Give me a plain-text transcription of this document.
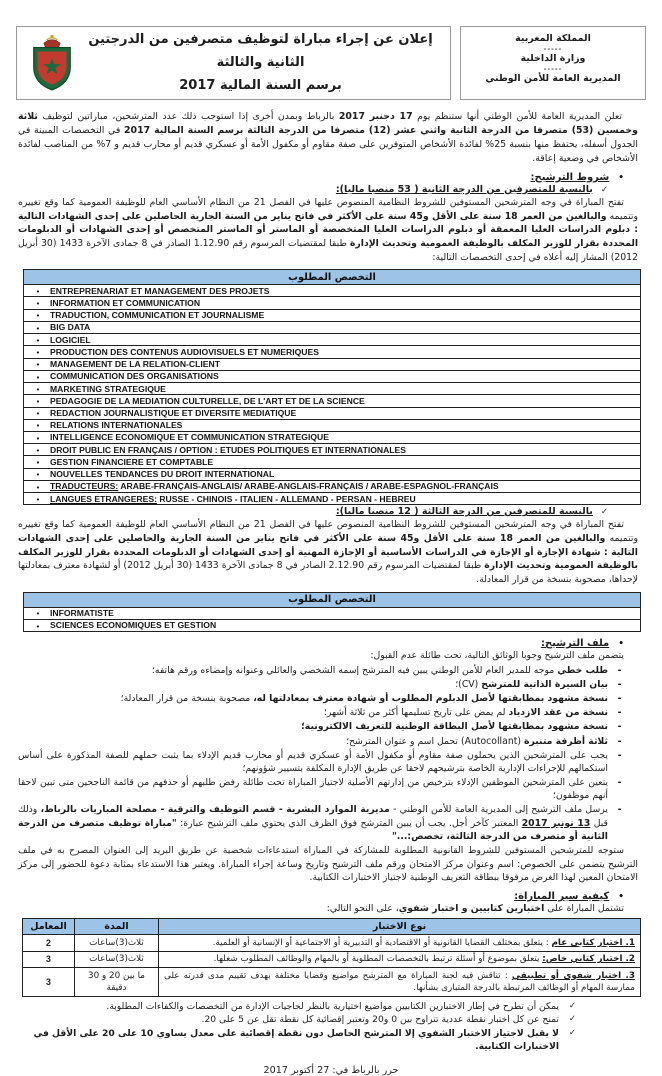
المملكة المغربية
-----
وزارة الداخلية
-----
المديرية العامة للأمن الوطني
إعلان عن إجراء مباراة لتوظيف متصرفين من الدرجتين الثانية والثالثة
برسم السنة المالية 2017

تعلن المديرية العامة للأمن الوطني أنها ستنظم يوم 17 دجنبر 2017 بالرباط وبمدن أخرى إذا استوجب ذلك عدد المترشحين، مباراتين لتوظيف ثلاثة وخمسين (53) متصرفا من الدرجة الثانية واثني عشر (12) متصرفا من الدرجة الثالثة برسم السنة المالية 2017 في التخصصات المبينة في الجدول أسفله، يحتفظ منها بنسبة 25% لفائدة الأشخاص المتوفرين على صفة مقاوم أو مكفول الأمة أو عسكري قديم أو محارب قديم و 7% من المناصب لفائدة الأشخاص في وضعية إعاقة.

•شروط الترشيح:
✓بالنسبة للمتصرفين من الدرجة الثانية ( 53 منصبا ماليا):

تفتح المباراة في وجه المترشحين المستوفين للشروط النظامية المنصوص عليها في الفصل 21 من النظام الأساسي العام للوظيفة العمومية كما وقع تغييره وتتميمه والبالغين من العمر 18 سنة على الأقل و45 سنة على الأكثر في فاتح يناير من السنة الجارية الحاصلين على إحدى الشهادات التالية : دبلوم الدراسات العليا المعمقة أو دبلوم الدراسات العليا المتخصصة أو الماستر أو الماستر المتخصص أو إحدى الشهادات أو الدبلومات المحددة بقرار للوزير المكلف بالوظيفة العمومية وتحديث الإدارة طبقا لمقتضيات المرسوم رقم 1.12.90 الصادر في 8 جمادى الآخرة 1433 (30 أبريل 2012) المشار إليه أعلاه في إحدى التخصصات التالية:

التخصص المطلوب
• ENTREPRENARIAT ET MANAGEMENT DES PROJETS
• INFORMATION ET COMMUNICATION
• TRADUCTION, COMMUNICATION ET JOURNALISME
• BIG DATA
• LOGICIEL
• PRODUCTION DES CONTENUS AUDIOVISUELS ET NUMERIQUES
• MANAGEMENT DE LA RELATION-CLIENT
• COMMUNICATION DES ORGANISATIONS
• MARKETING STRATEGIQUE
• PEDAGOGIE DE LA MEDIATION CULTURELLE, DE L'ART ET DE LA SCIENCE
• REDACTION JOURNALISTIQUE ET DIVERSITE MEDIATIQUE
• RELATIONS INTERNATIONALES
• INTELLIGENCE ECONOMIQUE ET COMMUNICATION STRATEGIQUE
• DROIT PUBLIC EN FRANÇAIS / OPTION : ETUDES POLITIQUES ET INTERNATIONALES
• GESTION FINANCIERE ET COMPTABLE
• NOUVELLES TENDANCES DU DROIT INTERNATIONAL
• TRADUCTEURS: ARABE-FRANÇAIS-ANGLAIS/ ARABE-ANGLAIS-FRANÇAIS / ARABE-ESPAGNOL-FRANÇAIS
• LANGUES ETRANGERES: RUSSE - CHINOIS - ITALIEN - ALLEMAND - PERSAN - HEBREU
✓بالنسبة للمتصرفين من الدرجة الثالثة ( 12 منصبا ماليا):

تفتح المباراة في وجه المترشحين المستوفين للشروط النظامية المنصوص عليها في الفصل 21 من النظام الأساسي العام للوظيفة العمومية كما وقع تغييره وتتميمه والبالغين من العمر 18 سنة على الأقل و45 سنة على الأكثر في فاتح يناير من السنة الجارية والحاصلين على إحدى الشهادات التالية : شهادة الإجازة أو الإجازة في الدراسات الأساسية أو الإجازة المهنية أو إحدى الشهادات أو الدبلومات المحددة بقرار للوزير المكلف بالوظيفة العمومية وتحديث الإدارة طبقا لمقتضيات المرسوم رقم 2.12.90 الصادر في 8 جمادى الآخرة 1433 (30 أبريل 2012) أو لشهادة معترف بمعادلتها لإحداها، مصحوبة بنسخة من قرار المعادلة.

التخصص المطلوب
• INFORMATISTE
• SCIENCES ECONOMIQUES ET GESTION
•ملف الترشيح:
يتضمن ملف الترشيح وجوبا الوثائق التالية، تحت طائلة عدم القبول:
-
طلب خطي موجه للمدير العام للأمن الوطني يبين فيه المترشح إسمه الشخصي والعائلي وعنوانه وإمضاءه ورقم هاتفه؛
-
بيان السيرة الذاتية للمترشح (CV)؛
-
نسخة مشهود بمطابقتها لأصل الدبلوم المطلوب أو شهادة معترف بمعادلتها له، مصحوبة بنسخة من قرار المعادلة؛
-
نسخة من عقد الازدياد لم يمض على تاريخ تسليمها أكثر من ثلاثة أشهر؛
-
نسخة مشهود بمطابقتها لأصل البطاقة الوطنية للتعريف الالكترونية؛
-
ثلاثة أظرفة متنبرة (Autocollant) تحمل اسم و عنوان المترشح؛
-
يجب على المترشحين الذين يحملون صفة مقاوم أو مكفول الأمة أو عسكري قديم أو محارب قديم الإدلاء بما يثبت حملهم للصفة المذكورة على أساس استكمالهم للإجراءات الإدارية الخاصة بترشيحهم لاحقا عن طريق الإدارة المكلفة بتسيير شؤونهم؛
-
يتعين على المترشحين الموظفين الإدلاء بترخيص من إدارتهم الأصلية لاجتياز المباراة تحت طائلة رفض طلبهم أو حذفهم من قائمة الناجحين متى تبين لاحقا أنهم موظفون؛
-
يرسل ملف الترشيح إلى المديرية العامة للأمن الوطني - مديرية الموارد البشرية - قسم التوظيف والترقية - مصلحة المباريات بالرباط، وذلك قبل 13 نونبر 2017 المعتبر كآخر أجل. يجب أن يبين المترشح فوق الظرف الذي يحتوي ملف الترشيح عبارة: "مباراة توظيف متصرف من الدرجة الثانية أو متصرف من الدرجة الثالثة، تخصص:..."

ستوجه للمترشحين المستوفين للشروط القانونية المطلوبة للمشاركة في المباراة استدعاءات شخصية عن طريق البريد إلى العنوان المصرح به في ملف الترشيح يتضمن على الخصوص: اسم وعنوان مركز الامتحان ورقم ملف الترشيح وتاريخ وساعة إجراء المباراة. ويعتبر هذا الاستدعاء بمثابة دعوة للحضور إلى مركز الامتحان المعين لهذا الغرض مرفوقا ببطاقة التعريف الوطنية لاجتياز الاختبارات الكتابية.

•كيفية سير المباراة:
تشتمل المباراة على اختبارين كتابيين و اختبار شفوي، على النحو التالي:
نوع الاختبار	المدة	المعامل
1. اختبار كتابي عام : يتعلق بمختلف القضايا القانونية أو الاقتصادية أو التدبيرية أو الاجتماعية أو الإنسانية أو العلمية.	ثلاث(3)ساعات	2
2. اختبار كتابي خاص: يتعلق بموضوع أو أسئلة ترتبط بالتخصصات المطلوبة أو بالمهام والوظائف المطلوب شغلها.	ثلاث(3)ساعات	3
3. اختبار شفوي أو تطبيقي : تناقش فيه لجنة المباراة مع المترشح مواضيع وقضايا مختلفة بهدف تقييم مدى قدرته على ممارسة المهام أو الوظائف المرتبطة بالدرجة المتبارى بشأنها.	ما بين 20 و 30 دقيقة	3
✓
يمكن أن تطرح في إطار الاختبارين الكتابيين مواضيع اختيارية بالنظر لحاجيات الإدارة من التخصصات والكفاءات المطلوبة.
✓
تمنح عن كل اختبار نقطة عددية تتراوح بين 0 و20 وتعتبر إقصائية كل نقطة تقل عن 5 على 20.
✓
لا يقبل لاجتياز الاختبار الشفوي إلا المترشح الحاصل دون نقطة إقصائية على معدل يساوي 10 على 20 على الأقل في الاختبارات الكتابية.
حرر بالرباط في: 27 أكتوبر 2017
